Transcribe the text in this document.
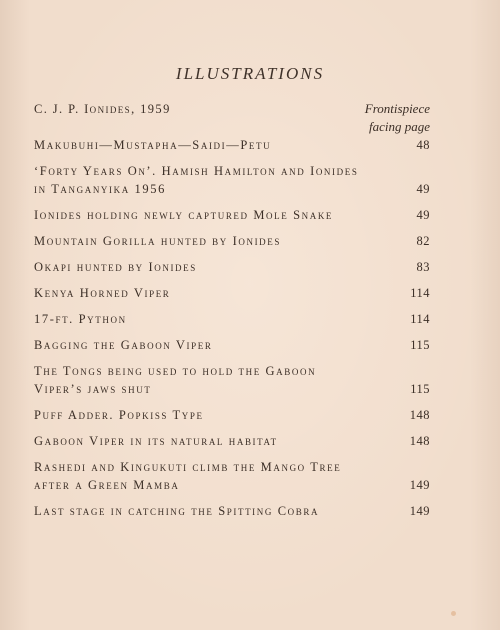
ILLUSTRATIONS
C. J. P. Ionides, 1959	Frontispiece
facing page
Makubuhi—Mustapha—Saidi—Petu	48
‘Forty Years On’. Hamish Hamilton and Ionides in Tanganyika 1956	49
Ionides holding newly captured Mole Snake	49
Mountain Gorilla hunted by Ionides	82
Okapi hunted by Ionides	83
Kenya Horned Viper	114
17-ft. Python	114
Bagging the Gaboon Viper	115
The Tongs being used to hold the Gaboon Viper’s jaws shut	115
Puff Adder. Popkiss Type	148
Gaboon Viper in its natural habitat	148
Rashedi and Kingukuti climb the Mango Tree after a Green Mamba	149
Last stage in catching the Spitting Cobra	149
